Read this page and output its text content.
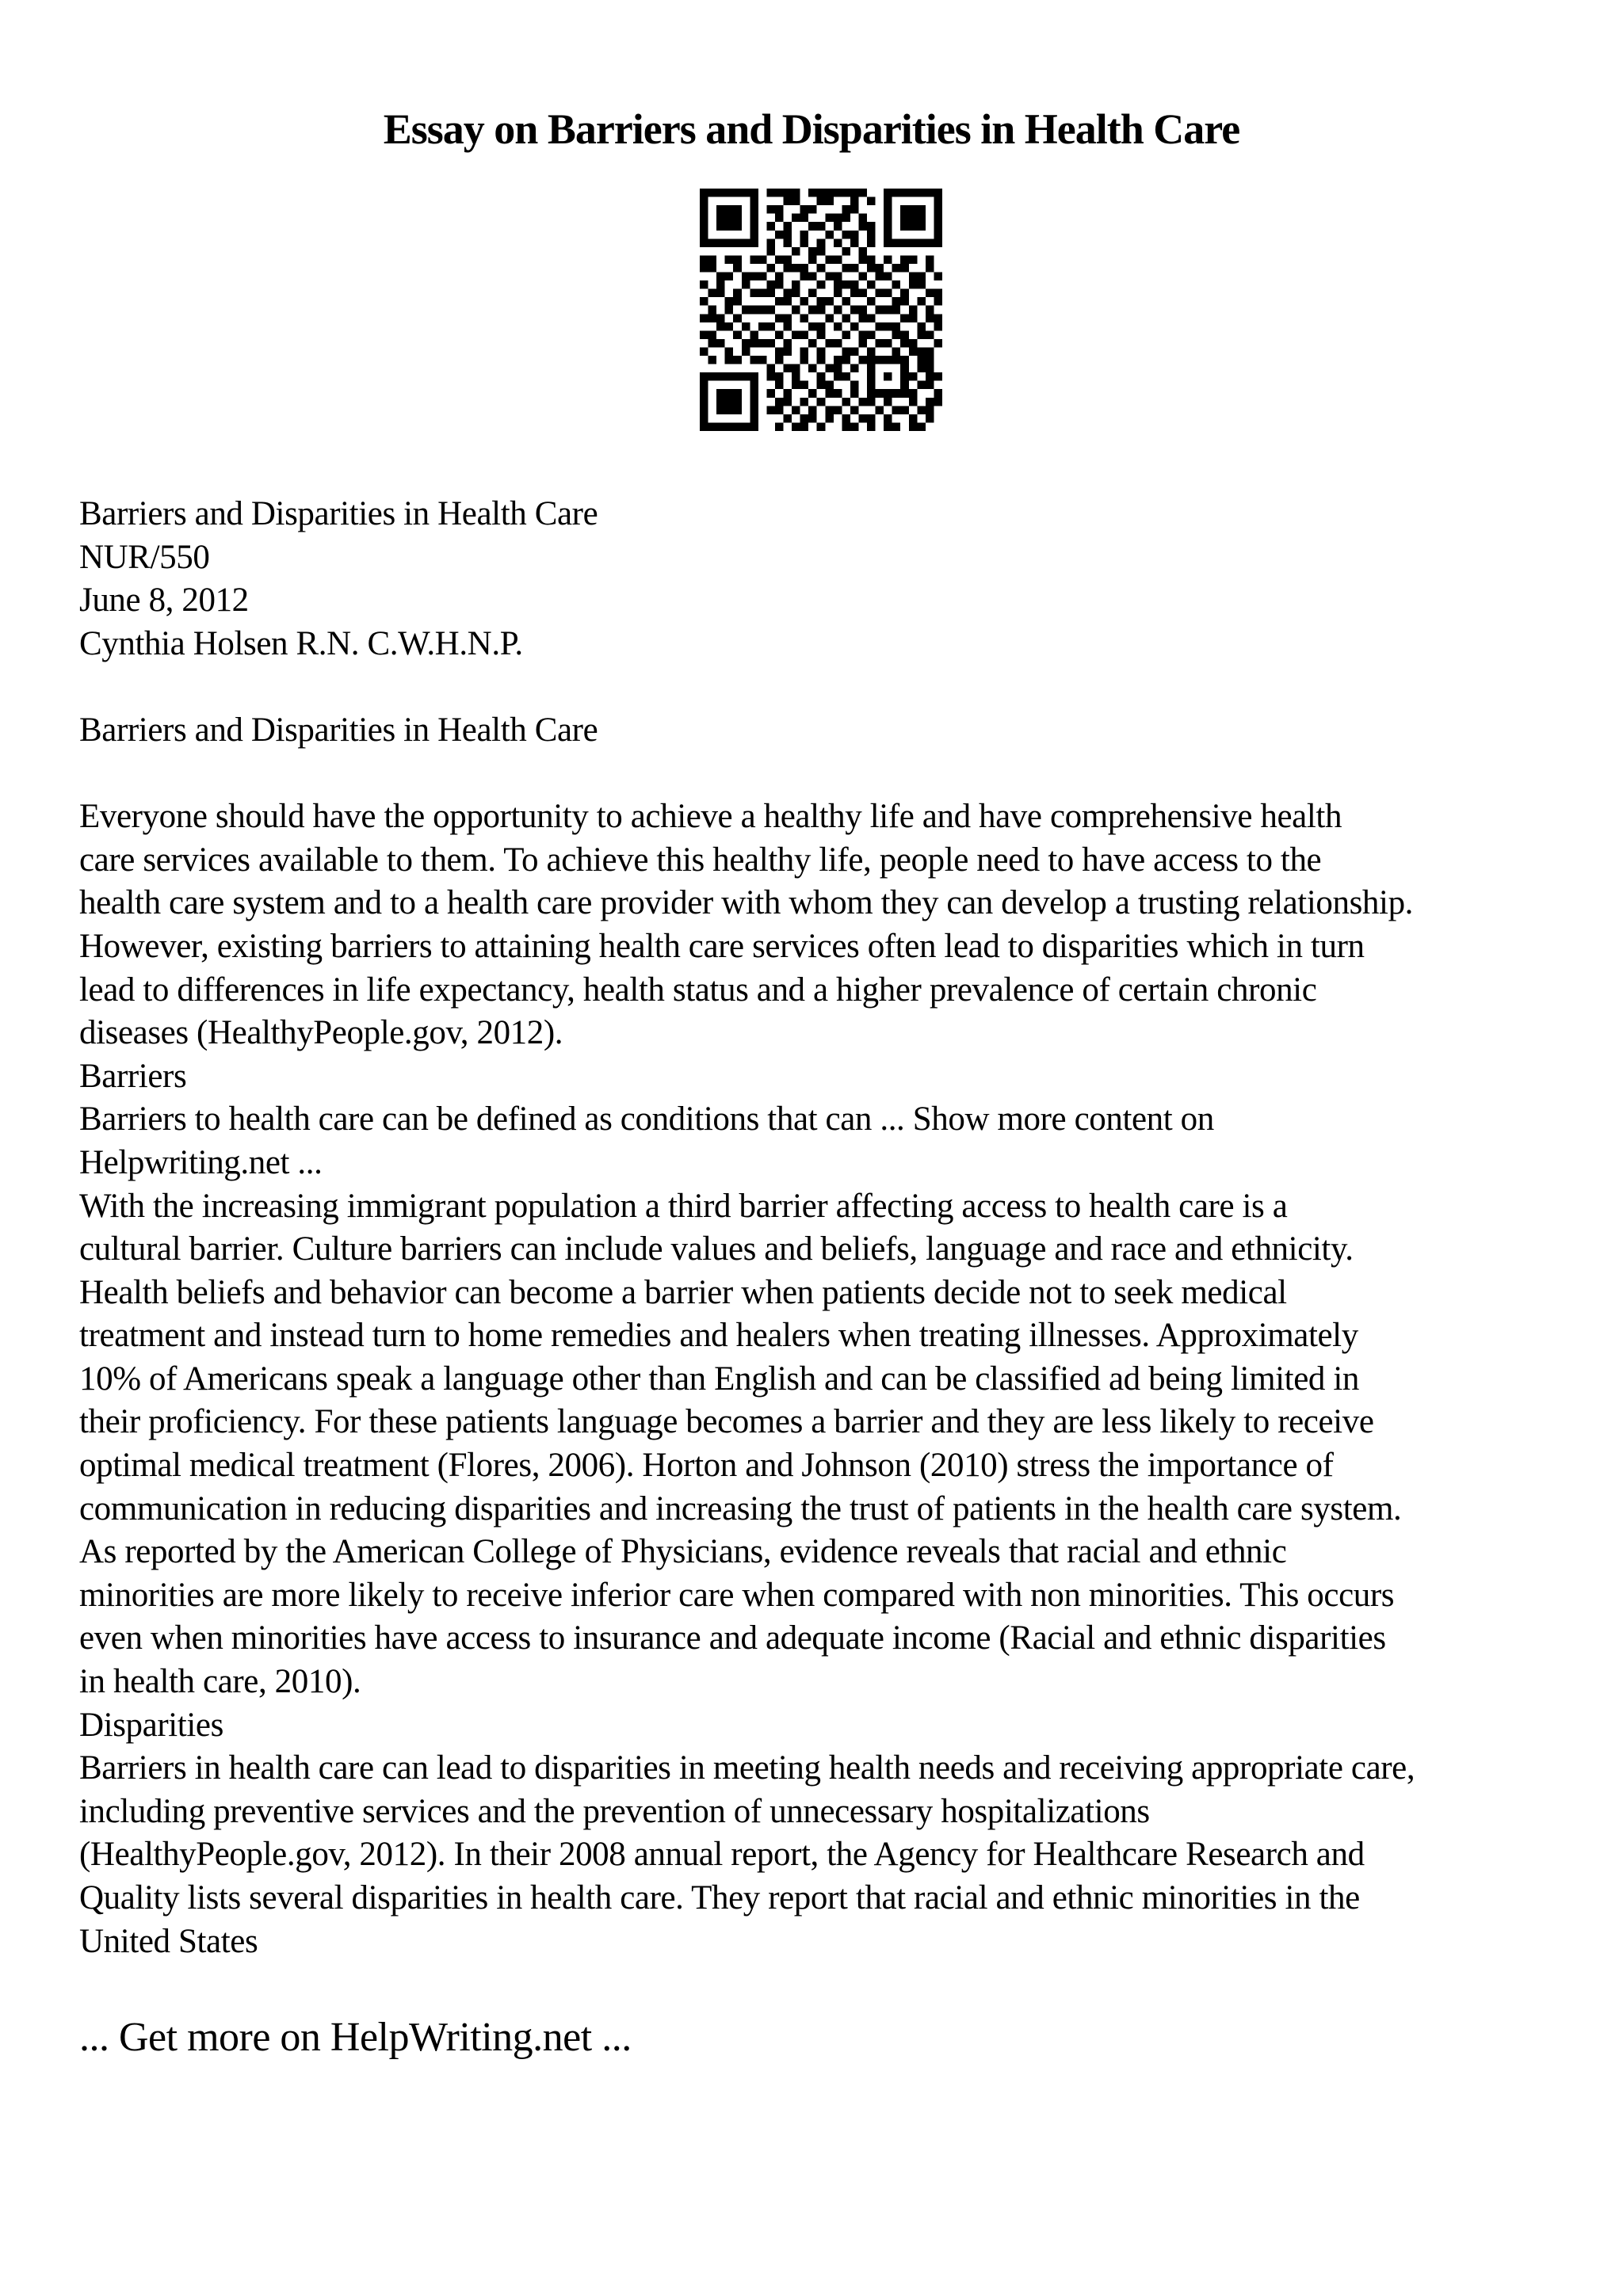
Essay on Barriers and Disparities in Health Care
Barriers and Disparities in Health Care
NUR/550
June 8, 2012
Cynthia Holsen R.N. C.W.H.N.P.

Barriers and Disparities in Health Care

Everyone should have the opportunity to achieve a healthy life and have comprehensive health
care services available to them. To achieve this healthy life, people need to have access to the
health care system and to a health care provider with whom they can develop a trusting relationship.
However, existing barriers to attaining health care services often lead to disparities which in turn
lead to differences in life expectancy, health status and a higher prevalence of certain chronic
diseases (HealthyPeople.gov, 2012).
Barriers
Barriers to health care can be defined as conditions that can ... Show more content on
Helpwriting.net ...
With the increasing immigrant population a third barrier affecting access to health care is a
cultural barrier. Culture barriers can include values and beliefs, language and race and ethnicity.
Health beliefs and behavior can become a barrier when patients decide not to seek medical
treatment and instead turn to home remedies and healers when treating illnesses. Approximately
10% of Americans speak a language other than English and can be classified ad being limited in
their proficiency. For these patients language becomes a barrier and they are less likely to receive
optimal medical treatment (Flores, 2006). Horton and Johnson (2010) stress the importance of
communication in reducing disparities and increasing the trust of patients in the health care system.
As reported by the American College of Physicians, evidence reveals that racial and ethnic
minorities are more likely to receive inferior care when compared with non minorities. This occurs
even when minorities have access to insurance and adequate income (Racial and ethnic disparities
in health care, 2010).
Disparities
Barriers in health care can lead to disparities in meeting health needs and receiving appropriate care,
including preventive services and the prevention of unnecessary hospitalizations
(HealthyPeople.gov, 2012). In their 2008 annual report, the Agency for Healthcare Research and
Quality lists several disparities in health care. They report that racial and ethnic minorities in the
United States
... Get more on HelpWriting.net ...
